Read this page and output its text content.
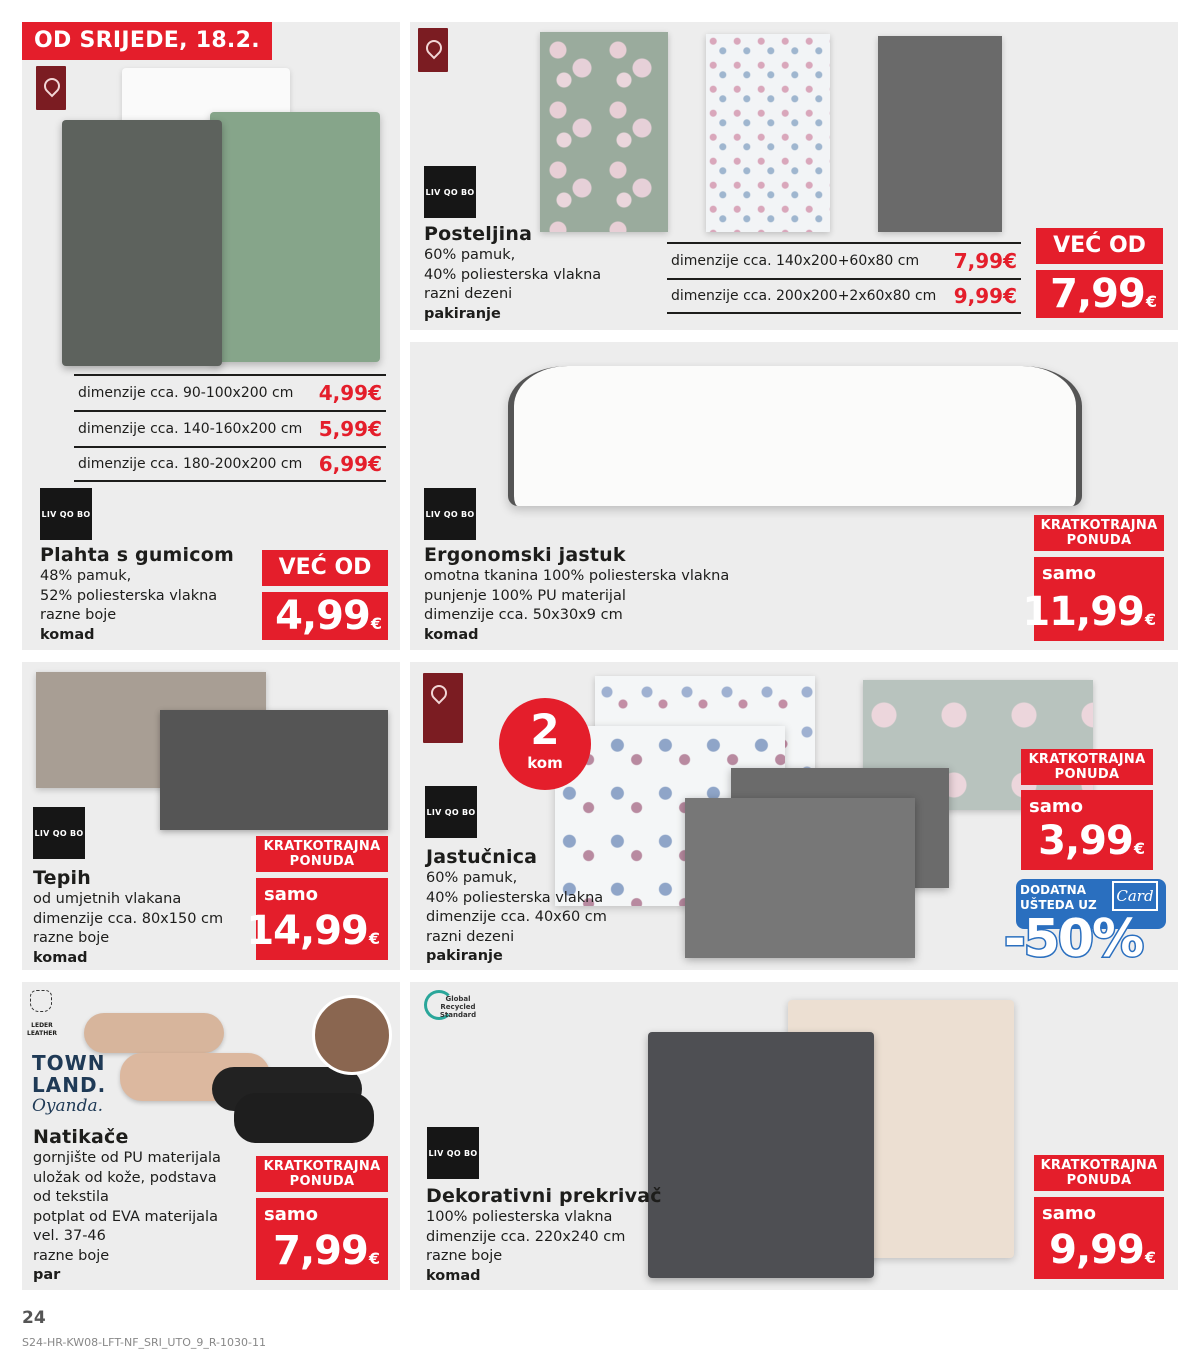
OD SRIJEDE, 18.2.
dimenzije cca. 90-100x200 cm 4,99€
dimenzije cca. 140-160x200 cm 5,99€
dimenzije cca. 180-200x200 cm 6,99€
LIV QO BO
Plahta s gumicom
48% pamuk,
52% poliesterska vlakna
razne boje
komad
VEĆ OD
4,99€
LIV QO BO
Posteljina
60% pamuk,
40% poliesterska vlakna
razni dezeni
pakiranje
dimenzije cca. 140x200+60x80 cm 7,99€
dimenzije cca. 200x200+2x60x80 cm 9,99€
VEĆ OD
7,99€
LIV QO BO
Ergonomski jastuk
omotna tkanina 100% poliesterska vlakna
punjenje 100% PU materijal
dimenzije cca. 50x30x9 cm
komad
KRATKOTRAJNA PONUDA
samo
11,99€
LIV QO BO
Tepih
od umjetnih vlakana
dimenzije cca. 80x150 cm
razne boje
komad
KRATKOTRAJNA PONUDA
samo
14,99€
2
kom
LIV QO BO
Jastučnica
60% pamuk,
40% poliesterska vlakna
dimenzije cca. 40x60 cm
razni dezeni
pakiranje
KRATKOTRAJNA PONUDA
samo
3,99€
DODATNA
UŠTEDA UZ Card
-50%
LEDER
LEATHER
TOWN
LAND.
Oyanda.
Natikače
gornjište od PU materijala
uložak od kože, podstava
od tekstila
potplat od EVA materijala
vel. 37-46
razne boje
par
KRATKOTRAJNA PONUDA
samo
7,99€
Global Recycled Standard
LIV QO BO
Dekorativni prekrivač
100% poliesterska vlakna
dimenzije cca. 220x240 cm
razne boje
komad
KRATKOTRAJNA PONUDA
samo
9,99€
24
S24-HR-KW08-LFT-NF_SRI_UTO_9_R-1030-11
